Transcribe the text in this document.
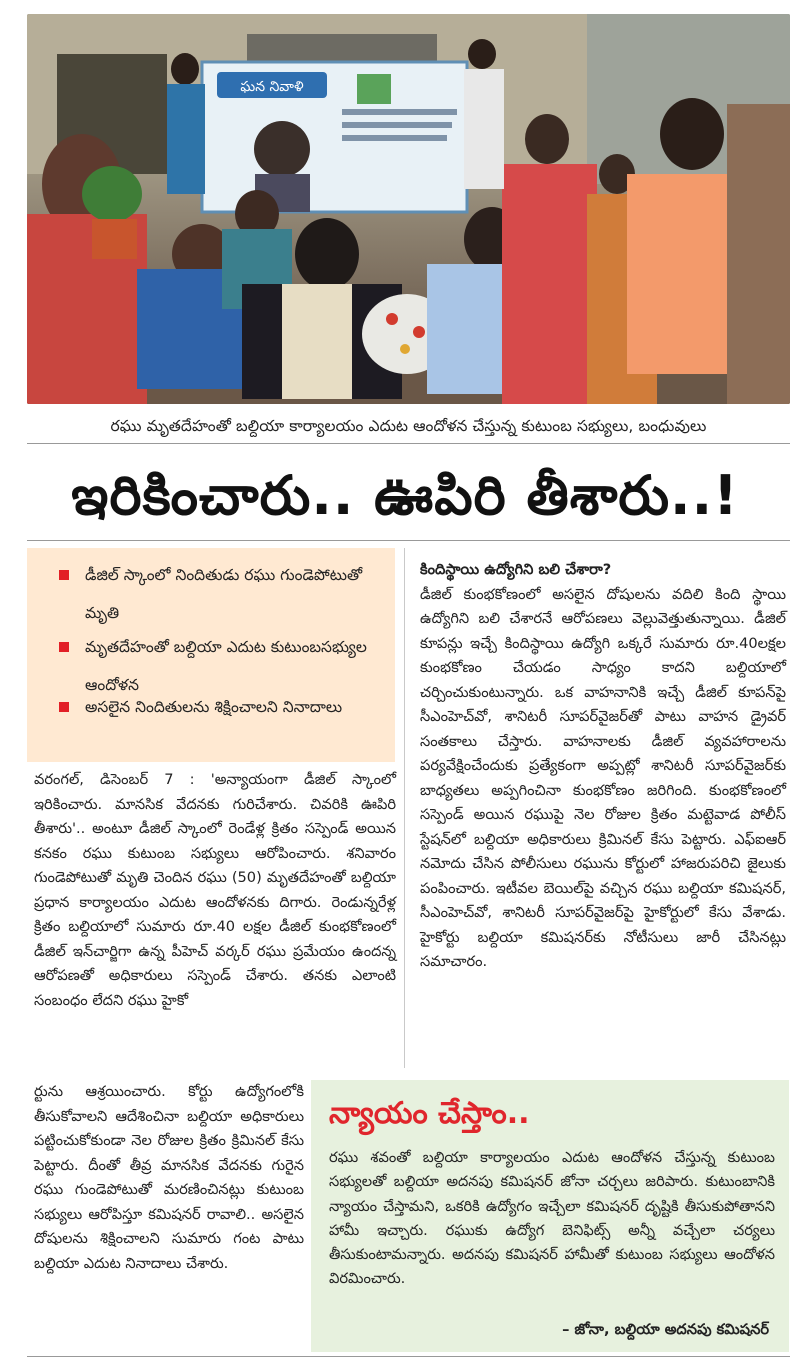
ఘన నివాళి
రఘు మృతదేహంతో బల్దియా కార్యాలయం ఎదుట ఆందోళన చేస్తున్న కుటుంబ సభ్యులు, బంధువులు
ఇరికించారు.. ఊపిరి తీశారు..!
డీజిల్ స్కాంలో నిందితుడు రఘు గుండెపోటుతో మృతి
మృతదేహంతో బల్దియా ఎదుట కుటుంబసభ్యుల ఆందోళన
అసలైన నిందితులను శిక్షించాలని నినాదాలు
వరంగల్, డిసెంబర్ 7 : 'అన్యాయంగా డీజిల్ స్కాంలో ఇరికించారు. మానసిక వేదనకు గురిచేశారు. చివరికి ఊపిరి తీశారు'.. అంటూ డీజిల్ స్కాంలో రెండేళ్ల క్రితం సస్పెండ్ అయిన కనకం రఘు కుటుంబ సభ్యులు ఆరోపించారు. శనివారం గుండెపోటుతో మృతి చెందిన రఘు (50) మృతదేహంతో బల్దియా ప్రధాన కార్యాలయం ఎదుట ఆందోళనకు దిగారు. రెండున్నరేళ్ల క్రితం బల్దియాలో సుమారు రూ.40 లక్షల డీజిల్ కుంభకోణంలో డీజిల్ ఇన్‌చార్జిగా ఉన్న పీహెచ్ వర్కర్ రఘు ప్రమేయం ఉందన్న ఆరోపణతో అధికారులు సస్పెండ్ చేశారు. తనకు ఎలాంటి సంబంధం లేదని రఘు హైకో
ర్టును ఆశ్రయించారు. కోర్టు ఉద్యోగంలోకి తీసుకోవాలని ఆదేశించినా బల్దియా అధికారులు పట్టించుకోకుండా నెల రోజుల క్రితం క్రిమినల్ కేసు పెట్టారు. దీంతో తీవ్ర మానసిక వేదనకు గురైన రఘు గుండెపోటుతో మరణించినట్లు కుటుంబ సభ్యులు ఆరోపిస్తూ కమిషనర్ రావాలి.. అసలైన దోషులను శిక్షించాలని సుమారు గంట పాటు బల్దియా ఎదుట నినాదాలు చేశారు.
కిందిస్థాయి ఉద్యోగిని బలి చేశారా?
డీజిల్ కుంభకోణంలో అసలైన దోషులను వదిలి కింది స్థాయి ఉద్యోగిని బలి చేశారనే ఆరోపణలు వెల్లువెత్తుతున్నాయి. డీజిల్ కూపన్లు ఇచ్చే కిందిస్థాయి ఉద్యోగి ఒక్కరే సుమారు రూ.40లక్షల కుంభకోణం చేయడం సాధ్యం కాదని బల్దియాలో చర్చించుకుంటున్నారు. ఒక వాహనానికి ఇచ్చే డీజిల్ కూపన్‌పై సీఎంహెచ్‌వో, శానిటరీ సూపర్‌వైజర్‌తో పాటు వాహన డ్రైవర్ సంతకాలు చేస్తారు. వాహనాలకు డీజిల్ వ్యవహారాలను పర్యవేక్షించేందుకు ప్రత్యేకంగా అప్పట్లో శానిటరీ సూపర్‌వైజర్‌కు బాధ్యతలు అప్పగించినా కుంభకోణం జరిగింది. కుంభకోణంలో సస్పెండ్ అయిన రఘుపై నెల రోజుల క్రితం మట్టెవాడ పోలీస్ స్టేషన్‌లో బల్దియా అధికారులు క్రిమినల్ కేసు పెట్టారు. ఎఫ్ఐఆర్ నమోదు చేసిన పోలీసులు రఘును కోర్టులో హాజరుపరిచి జైలుకు పంపించారు. ఇటీవల బెయిల్‌పై వచ్చిన రఘు బల్దియా కమిషనర్, సీఎంహెచ్‌వో, శానిటరీ సూపర్‌వైజర్‌పై హైకోర్టులో కేసు వేశాడు. హైకోర్టు బల్దియా కమిషనర్‌కు నోటీసులు జారీ చేసినట్లు సమాచారం.
న్యాయం చేస్తాం..
రఘు శవంతో బల్దియా కార్యాలయం ఎదుట ఆందోళన చేస్తున్న కుటుంబ సభ్యులతో బల్దియా అదనపు కమిషనర్ జోనా చర్చలు జరిపారు. కుటుంబానికి న్యాయం చేస్తామని, ఒకరికి ఉద్యోగం ఇచ్చేలా కమిషనర్ దృష్టికి తీసుకుపోతానని హామీ ఇచ్చారు. రఘుకు ఉద్యోగ బెనిఫిట్స్ అన్నీ వచ్చేలా చర్యలు తీసుకుంటామన్నారు. అదనపు కమిషనర్ హామీతో కుటుంబ సభ్యులు ఆందోళన విరమించారు.
– జోనా, బల్దియా అదనపు కమిషనర్
